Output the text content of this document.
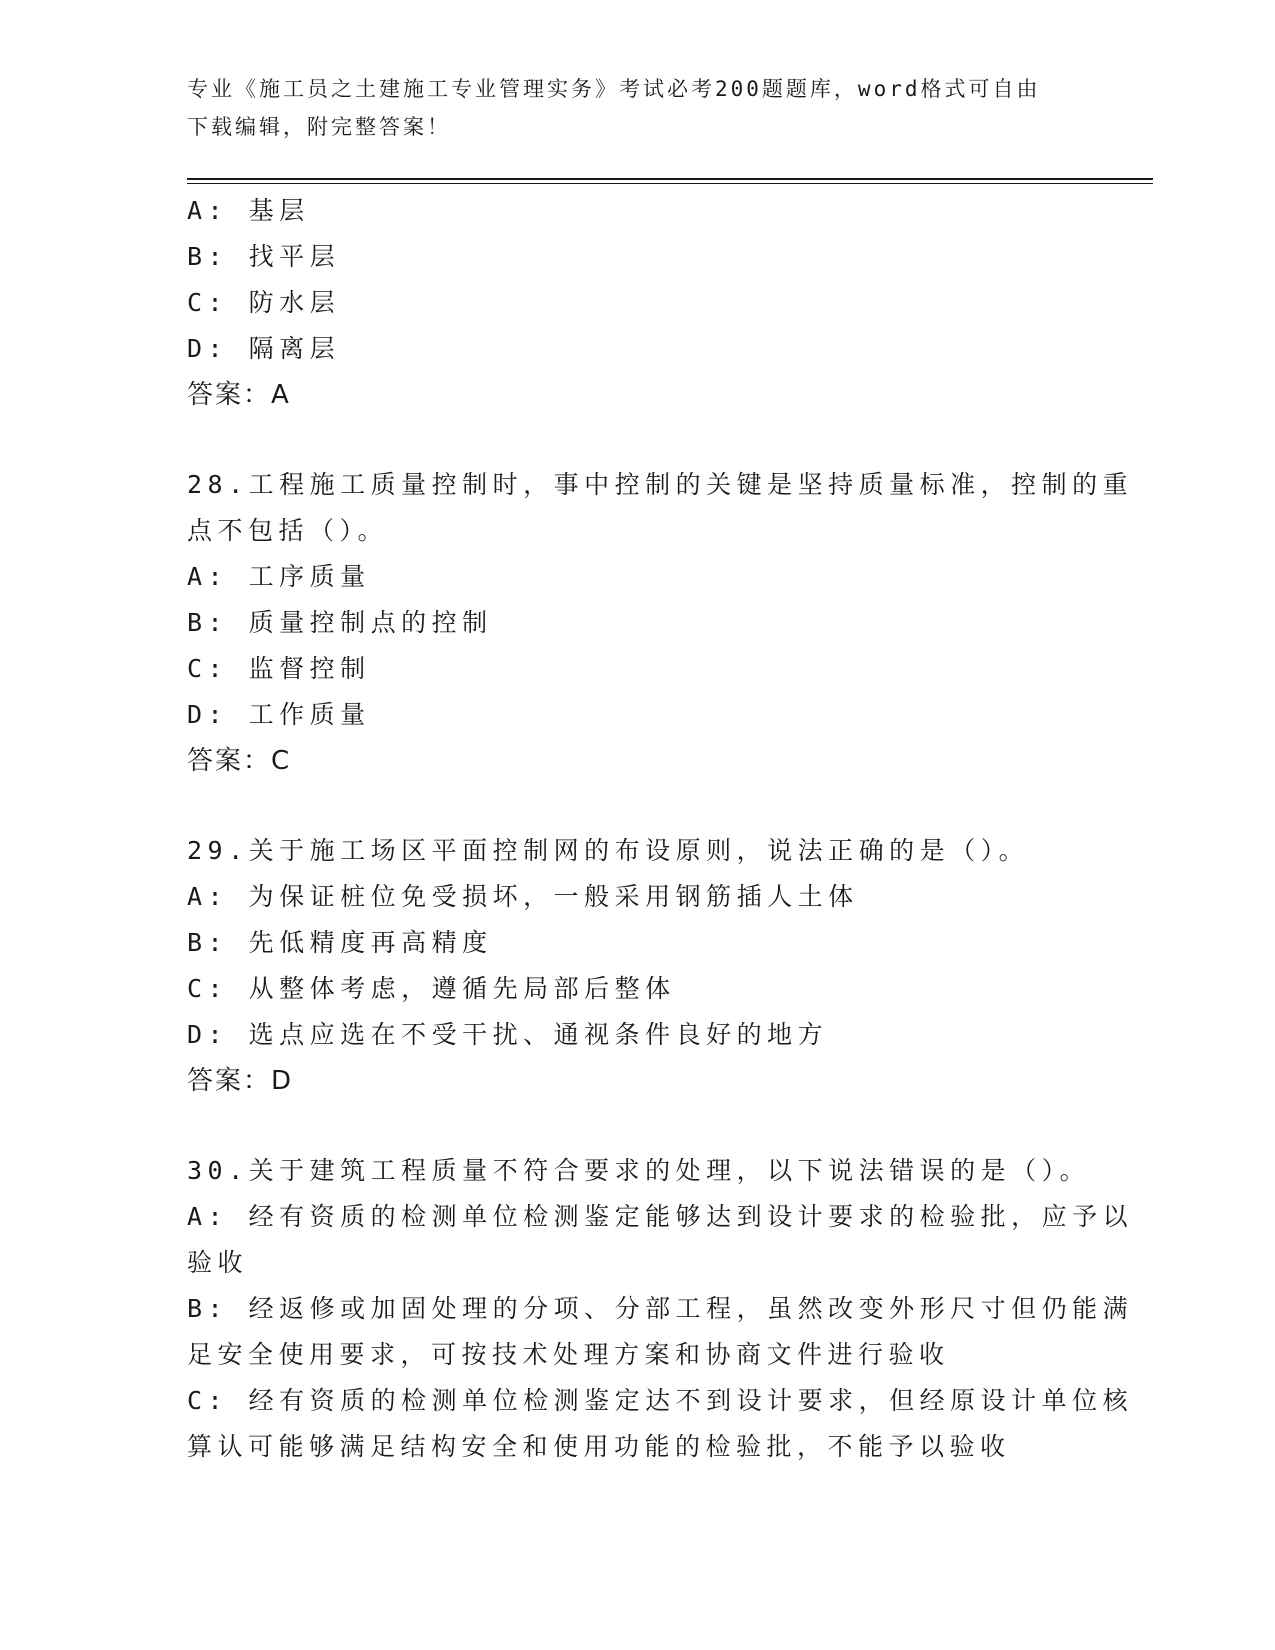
专业《施工员之土建施工专业管理实务》考试必考200题题库，word格式可自由
下载编辑，附完整答案！
A: 基层
B: 找平层
C: 防水层
D: 隔离层
答案：A
28.工程施工质量控制时，事中控制的关键是坚持质量标准，控制的重
点不包括（）。
A: 工序质量
B: 质量控制点的控制
C: 监督控制
D: 工作质量
答案：C
29.关于施工场区平面控制网的布设原则，说法正确的是（）。
A: 为保证桩位免受损坏，一般采用钢筋插人土体
B: 先低精度再高精度
C: 从整体考虑，遵循先局部后整体
D: 选点应选在不受干扰、通视条件良好的地方
答案：D
30.关于建筑工程质量不符合要求的处理，以下说法错误的是（）。
A: 经有资质的检测单位检测鉴定能够达到设计要求的检验批，应予以
验收
B: 经返修或加固处理的分项、分部工程，虽然改变外形尺寸但仍能满
足安全使用要求，可按技术处理方案和协商文件进行验收
C: 经有资质的检测单位检测鉴定达不到设计要求，但经原设计单位核
算认可能够满足结构安全和使用功能的检验批，不能予以验收
